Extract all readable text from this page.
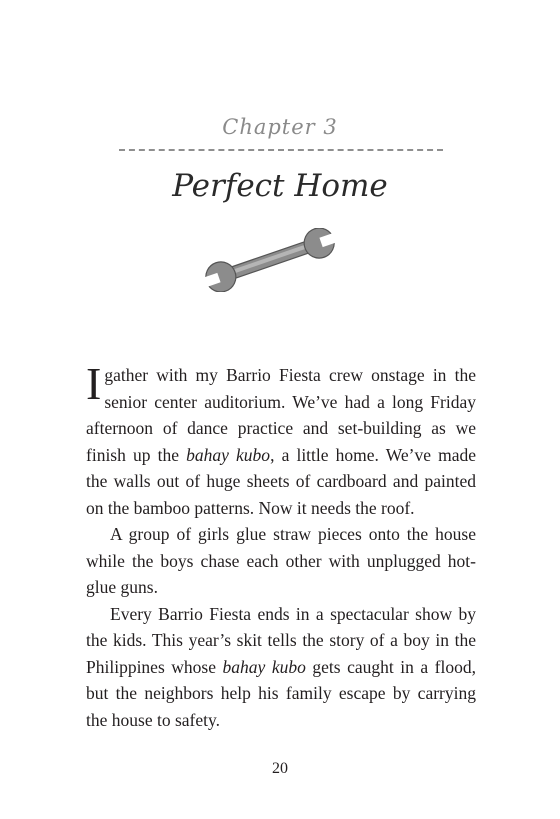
Chapter 3
Perfect Home

I gather with my Barrio Fiesta crew onstage in the senior center auditorium. We’ve had a long Friday afternoon of dance practice and set-building as we finish up the bahay kubo, a little home. We’ve made the walls out of huge sheets of cardboard and painted on the bamboo patterns. Now it needs the roof.

A group of girls glue straw pieces onto the house while the boys chase each other with unplugged hot-glue guns.

Every Barrio Fiesta ends in a spectacular show by the kids. This year’s skit tells the story of a boy in the Philippines whose bahay kubo gets caught in a flood, but the neighbors help his family escape by carrying the house to safety.

20
